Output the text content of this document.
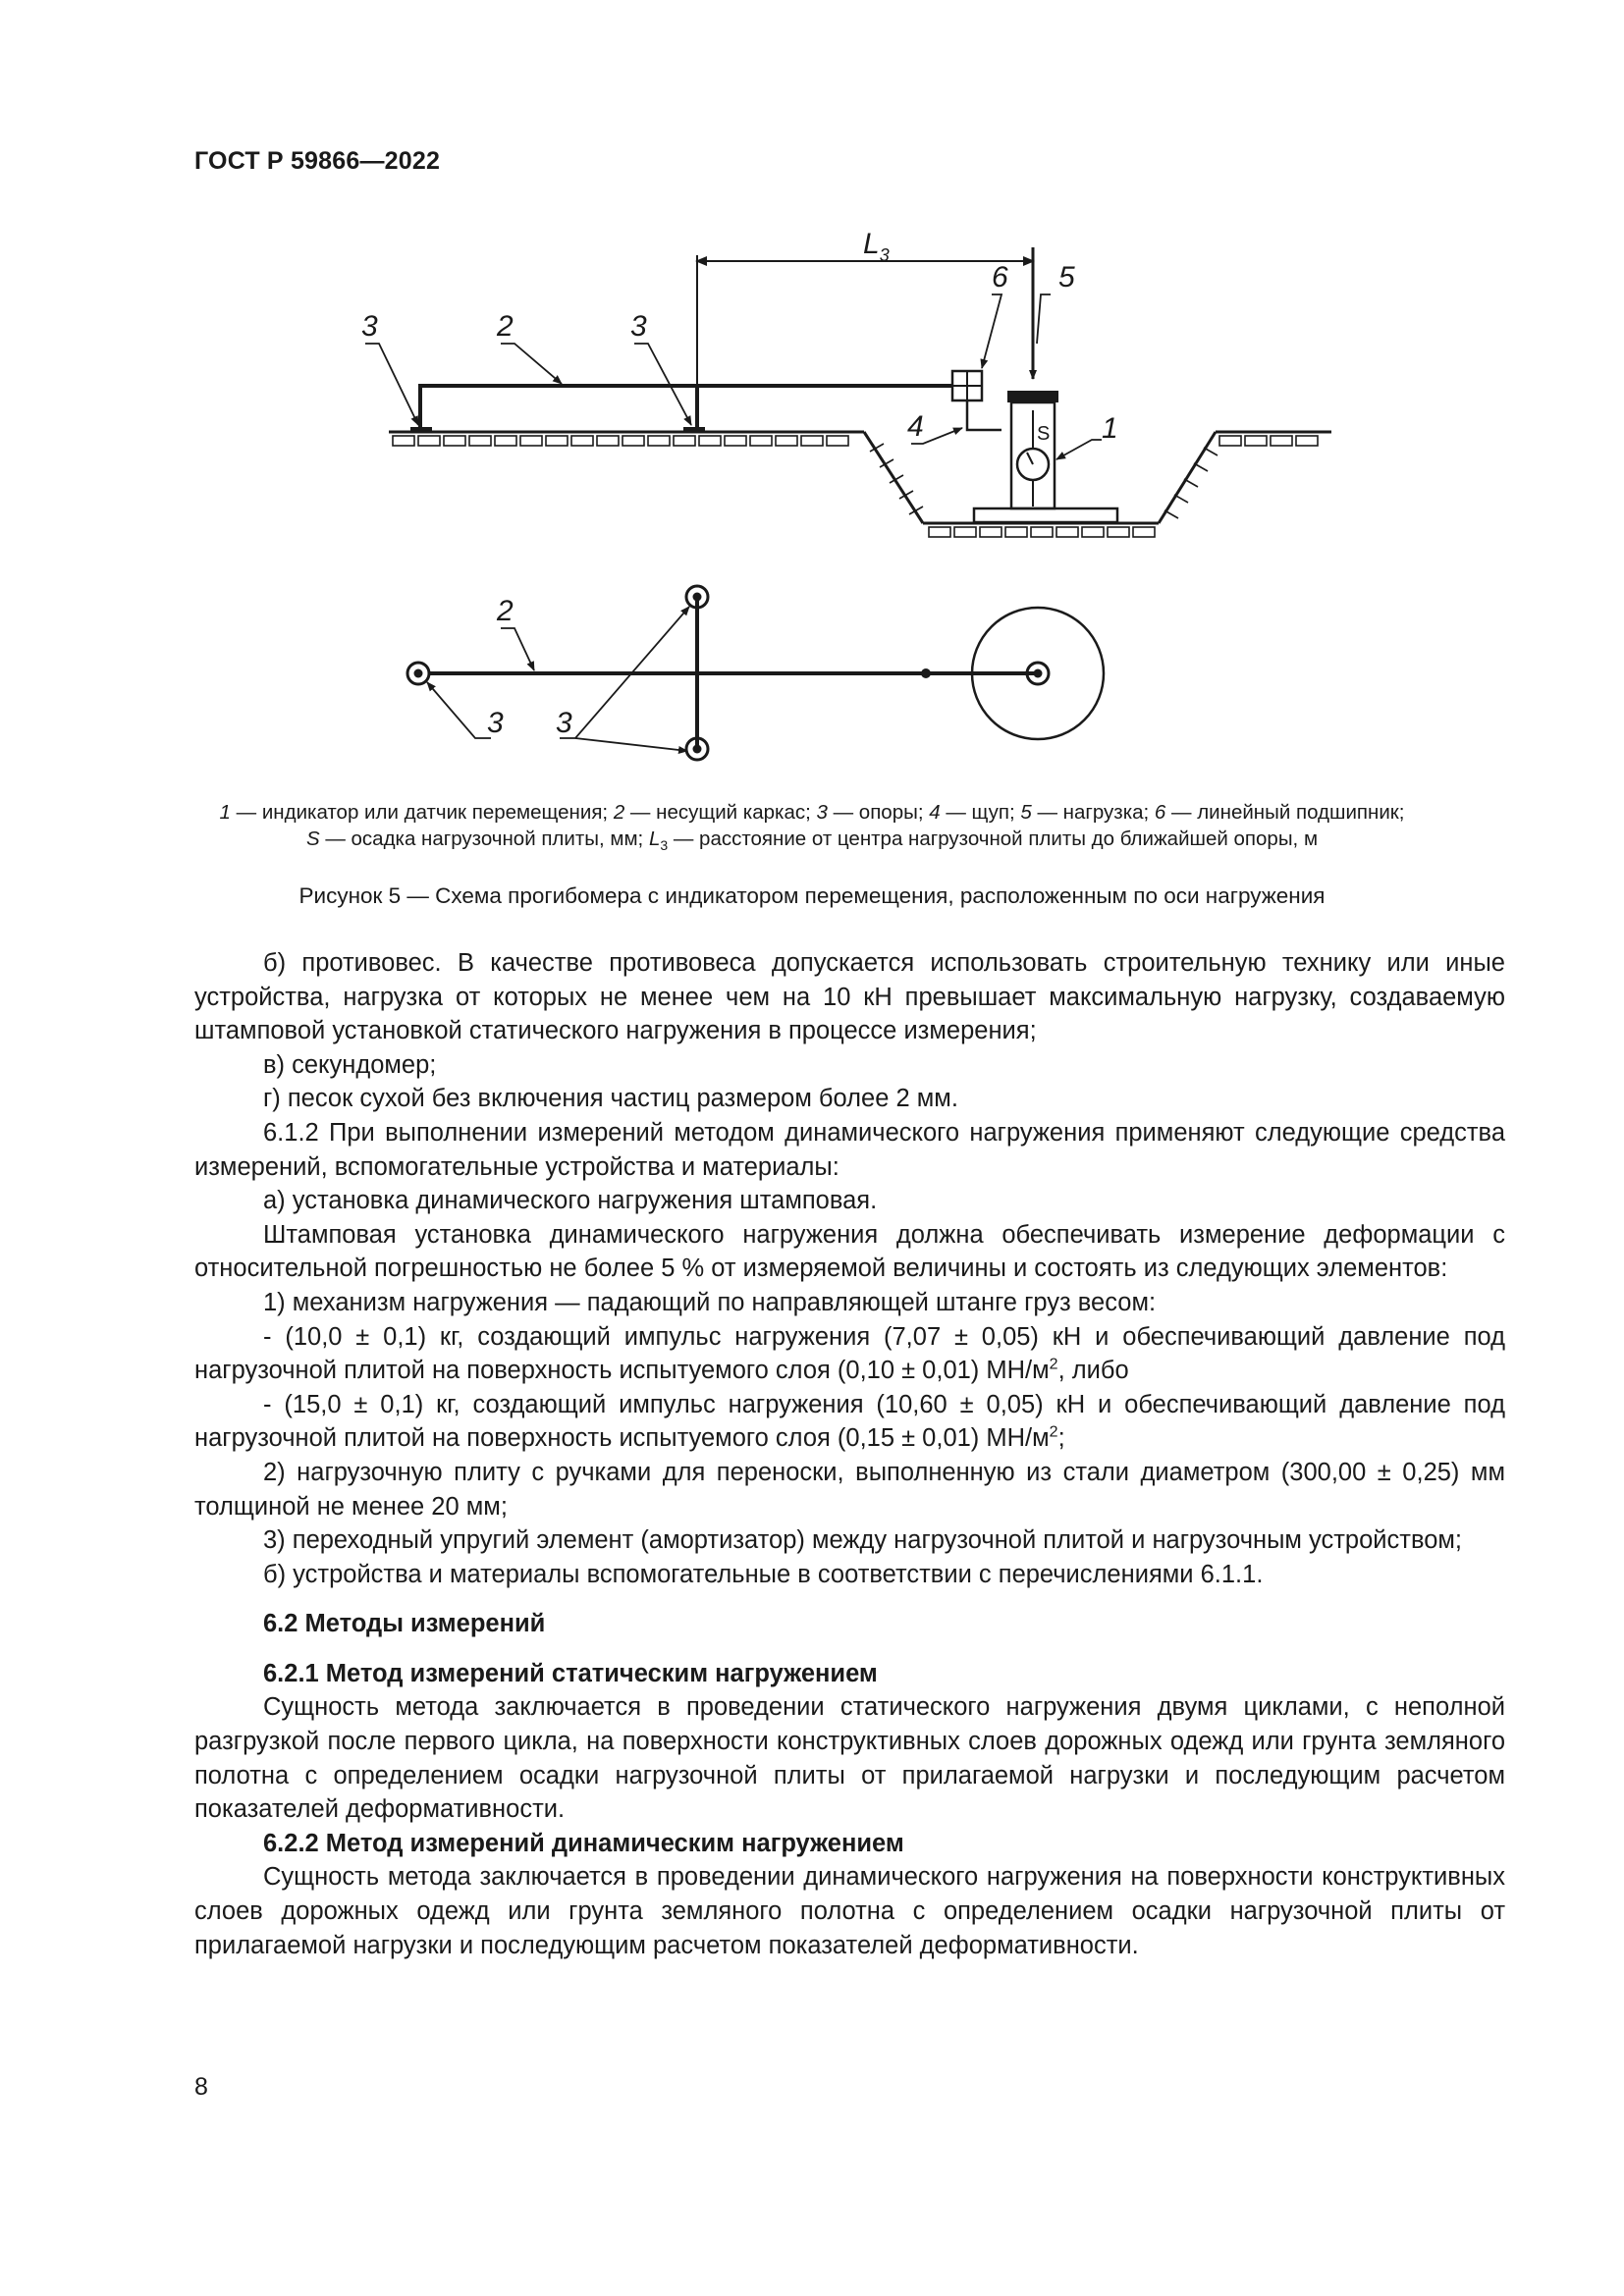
ГОСТ Р 59866—2022
$L_3$
3	2	3
4
6 5
1
S
2
3 3
1 — индикатор или датчик перемещения; 2 — несущий каркас; 3 — опоры; 4 — щуп; 5 — нагрузка; 6 — линейный подшипник;
S — осадка нагрузочной плиты, мм; $L_3$ — расстояние от центра нагрузочной плиты до ближайшей опоры, м
Рисунок 5 — Схема прогибомера с индикатором перемещения, расположенным по оси нагружения

б) противовес. В качестве противовеса допускается использовать строительную технику или иные устройства, нагрузка от которых не менее чем на 10 кН превышает максимальную нагрузку, создаваемую штамповой установкой статического нагружения в процессе измерения;

в) секундомер;

г) песок сухой без включения частиц размером более 2 мм.

6.1.2 При выполнении измерений методом динамического нагружения применяют следующие средства измерений, вспомогательные устройства и материалы:

а) установка динамического нагружения штамповая.

Штамповая установка динамического нагружения должна обеспечивать измерение деформации с относительной погрешностью не более 5 % от измеряемой величины и состоять из следующих элементов:

1) механизм нагружения — падающий по направляющей штанге груз весом:

- (10,0 ± 0,1) кг, создающий импульс нагружения (7,07 ± 0,05) кН и обеспечивающий давление под нагрузочной плитой на поверхность испытуемого слоя (0,10 ± 0,01) $МН/м^2$, либо

- (15,0 ± 0,1) кг, создающий импульс нагружения (10,60 ± 0,05) кН и обеспечивающий давление под нагрузочной плитой на поверхность испытуемого слоя (0,15 ± 0,01) $МН/м^2$;

2) нагрузочную плиту с ручками для переноски, выполненную из стали диаметром (300,00 ± 0,25) мм толщиной не менее 20 мм;

3) переходный упругий элемент (амортизатор) между нагрузочной плитой и нагрузочным устройством;

б) устройства и материалы вспомогательные в соответствии с перечислениями 6.1.1.

6.2 Методы измерений

6.2.1 Метод измерений статическим нагружением

Сущность метода заключается в проведении статического нагружения двумя циклами, с неполной разгрузкой после первого цикла, на поверхности конструктивных слоев дорожных одежд или грунта земляного полотна с определением осадки нагрузочной плиты от прилагаемой нагрузки и последующим расчетом показателей деформативности.

6.2.2 Метод измерений динамическим нагружением

Сущность метода заключается в проведении динамического нагружения на поверхности конструктивных слоев дорожных одежд или грунта земляного полотна с определением осадки нагрузочной плиты от прилагаемой нагрузки и последующим расчетом показателей деформативности.

8
